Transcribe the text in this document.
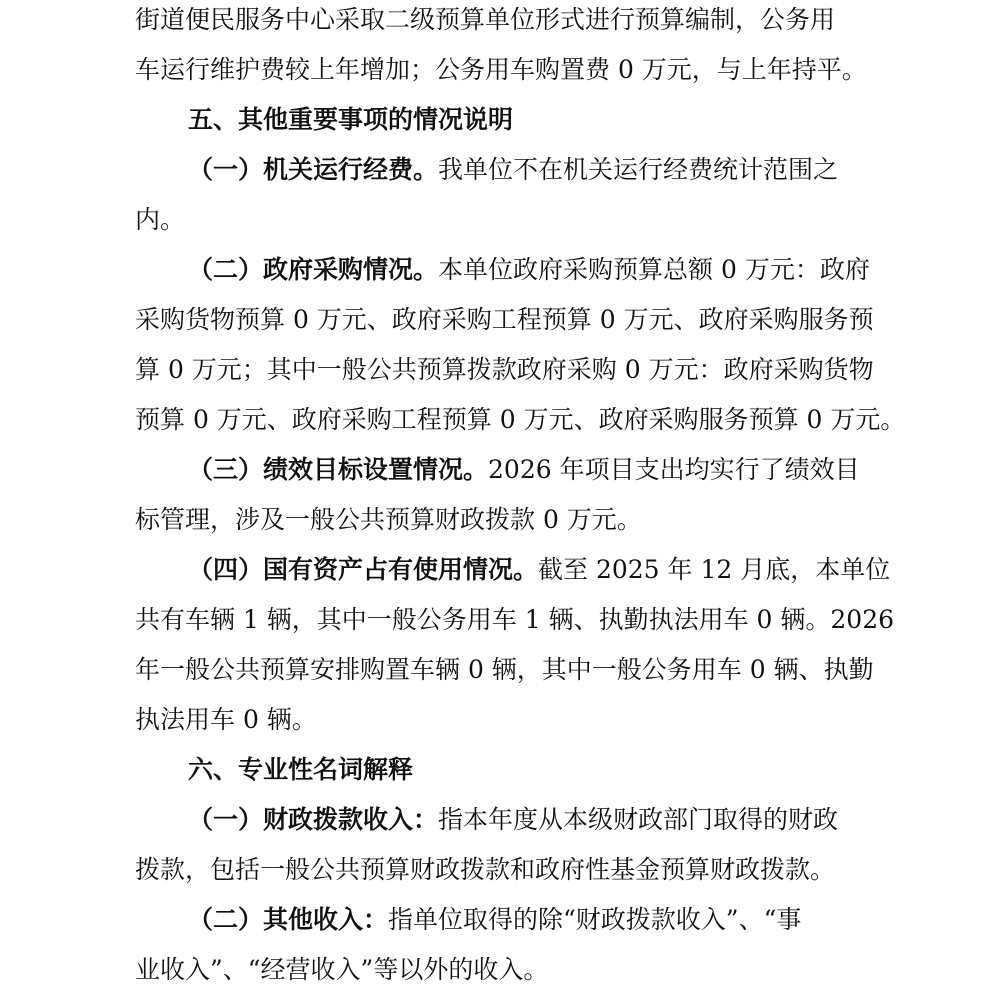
街道便民服务中心采取二级预算单位形式进行预算编制，公务用
车运行维护费较上年增加；公务用车购置费 0 万元，与上年持平。
五、其他重要事项的情况说明
（一）机关运行经费。我单位不在机关运行经费统计范围之
内。
（二）政府采购情况。本单位政府采购预算总额 0 万元：政府
采购货物预算 0 万元、政府采购工程预算 0 万元、政府采购服务预
算 0 万元；其中一般公共预算拨款政府采购 0 万元：政府采购货物
预算 0 万元、政府采购工程预算 0 万元、政府采购服务预算 0 万元。
（三）绩效目标设置情况。2026 年项目支出均实行了绩效目
标管理，涉及一般公共预算财政拨款 0 万元。
（四）国有资产占有使用情况。截至 2025 年 12 月底，本单位
共有车辆 1 辆，其中一般公务用车 1 辆、执勤执法用车 0 辆。2026
年一般公共预算安排购置车辆 0 辆，其中一般公务用车 0 辆、执勤
执法用车 0 辆。
六、专业性名词解释
（一）财政拨款收入：指本年度从本级财政部门取得的财政
拨款，包括一般公共预算财政拨款和政府性基金预算财政拨款。
（二）其他收入：指单位取得的除“财政拨款收入”、“事
业收入”、“经营收入”等以外的收入。
